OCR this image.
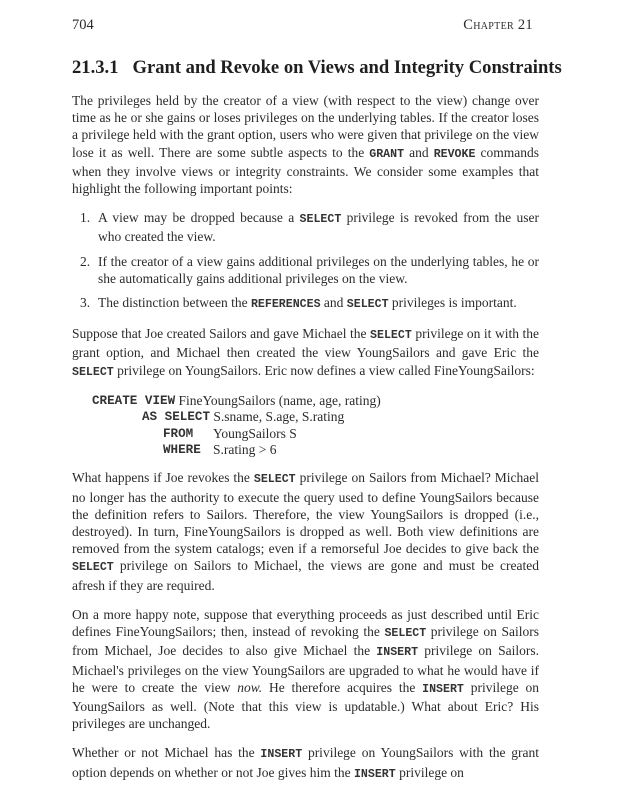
704	Chapter 21
21.3.1 Grant and Revoke on Views and Integrity Constraints

The privileges held by the creator of a view (with respect to the view) change over time as he or she gains or loses privileges on the underlying tables. If the creator loses a privilege held with the grant option, users who were given that privilege on the view lose it as well. There are some subtle aspects to the GRANT and REVOKE commands when they involve views or integrity constraints. We consider some examples that highlight the following important points:

1. A view may be dropped because a SELECT privilege is revoked from the user who created the view.
2. If the creator of a view gains additional privileges on the underlying tables, he or she automatically gains additional privileges on the view.
3. The distinction between the REFERENCES and SELECT privileges is important.

Suppose that Joe created Sailors and gave Michael the SELECT privilege on it with the grant option, and Michael then created the view YoungSailors and gave Eric the SELECT privilege on YoungSailors. Eric now defines a view called FineYoungSailors:

CREATE VIEW FineYoungSailors (name, age, rating)
AS SELECT S.sname, S.age, S.rating
FROM	YoungSailors S
WHERE S.rating > 6

What happens if Joe revokes the SELECT privilege on Sailors from Michael? Michael no longer has the authority to execute the query used to define YoungSailors because the definition refers to Sailors. Therefore, the view YoungSailors is dropped (i.e., destroyed). In turn, FineYoungSailors is dropped as well. Both view definitions are removed from the system catalogs; even if a remorseful Joe decides to give back the SELECT privilege on Sailors to Michael, the views are gone and must be created afresh if they are required.

On a more happy note, suppose that everything proceeds as just described until Eric defines FineYoungSailors; then, instead of revoking the SELECT privilege on Sailors from Michael, Joe decides to also give Michael the INSERT privilege on Sailors. Michael's privileges on the view YoungSailors are upgraded to what he would have if he were to create the view now. He therefore acquires the INSERT privilege on YoungSailors as well. (Note that this view is updatable.) What about Eric? His privileges are unchanged.

Whether or not Michael has the INSERT privilege on YoungSailors with the grant option depends on whether or not Joe gives him the INSERT privilege on
